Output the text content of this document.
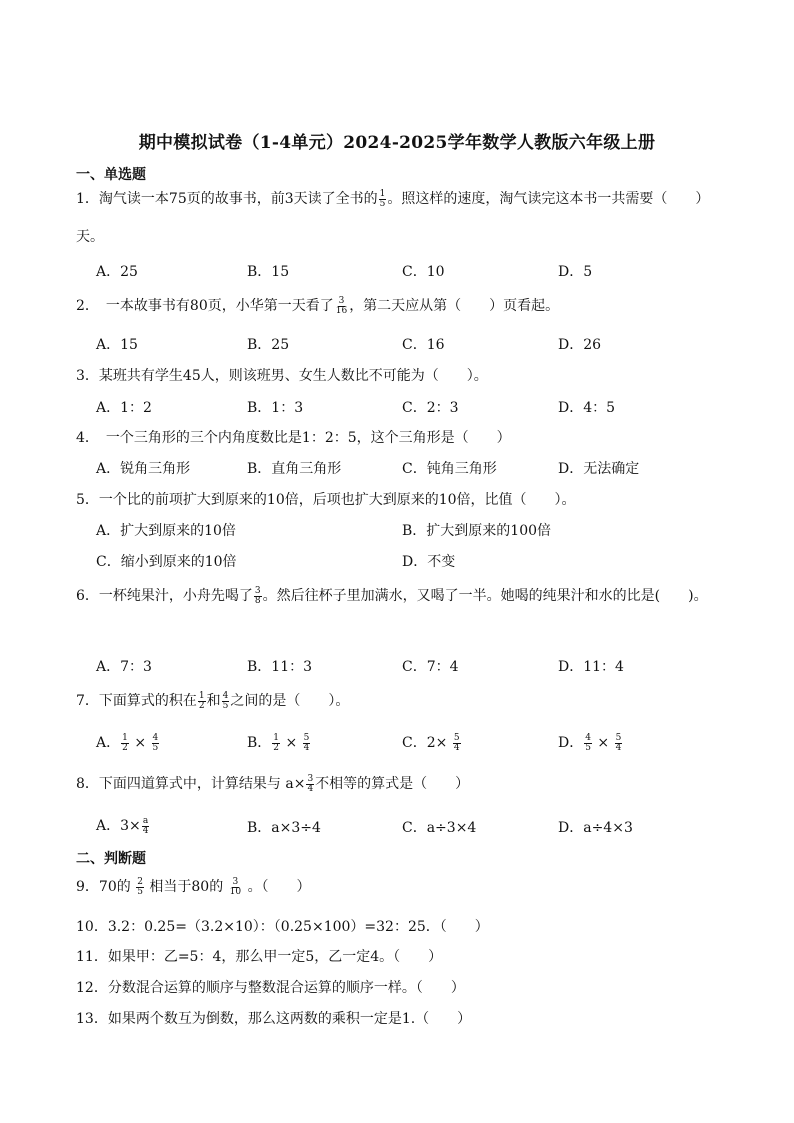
期中模拟试卷（1-4单元）2024-2025学年数学人教版六年级上册
一、单选题
1．淘气读一本75页的故事书，前3天读了全书的 $\frac{1}{5}$ 。照这样的速度，淘气读完这本书一共需要（　　）天。
A．25	B．15	C．10	D．5
2．　一本故事书有80页，小华第一天看了 $\frac{3}{16}$ ，第二天应从第（　　）页看起。
A．15	B．25	C．16	D．26
3．某班共有学生45人，则该班男、女生人数比不可能为（　　）。
A．1：2	B．1：3	C．2：3	D．4：5
4．　一个三角形的三个内角度数比是1：2：5，这个三角形是（　　）
A．锐角三角形	B．直角三角形	C．钝角三角形	D．无法确定
5．一个比的前项扩大到原来的10倍，后项也扩大到原来的10倍，比值（　　）。
A．扩大到原来的10倍	B．扩大到原来的100倍
C．缩小到原来的10倍	D．不变
6．一杯纯果汁，小舟先喝了 $\frac{3}{8}$ 。然后往杯子里加满水，又喝了一半。她喝的纯果汁和水的比是(　　)。
A．7：3	B．11：3	C．7：4	D．11：4
7．下面算式的积在 $\frac{1}{2}$ 和 $\frac{4}{5}$ 之间的是（　　）。
A． $\frac{1}{2} \times \frac{4}{5}$	B． $\frac{1}{2} \times \frac{5}{4}$	C．$2\times \frac{5}{4}$	D． $\frac{4}{5} \times \frac{5}{4}$
8．下面四道算式中，计算结果与 $a\times \frac{3}{4}$ 不相等的算式是（　　）
A．$3\times \frac{a}{4}$	B．a×3÷4	C．a÷3×4	D．a÷4×3
二、判断题
9．70的 $\frac{2}{5}$ 相当于80的 $\frac{3}{10}$ 。（　　）
10．3.2：0.25=（3.2×10）：（0.25×100）=32：25．（　　）
11．如果甲：乙=5：4，那么甲一定5，乙一定4。（　　）
12．分数混合运算的顺序与整数混合运算的顺序一样。（　　）
13．如果两个数互为倒数，那么这两数的乘积一定是1.（　　）
